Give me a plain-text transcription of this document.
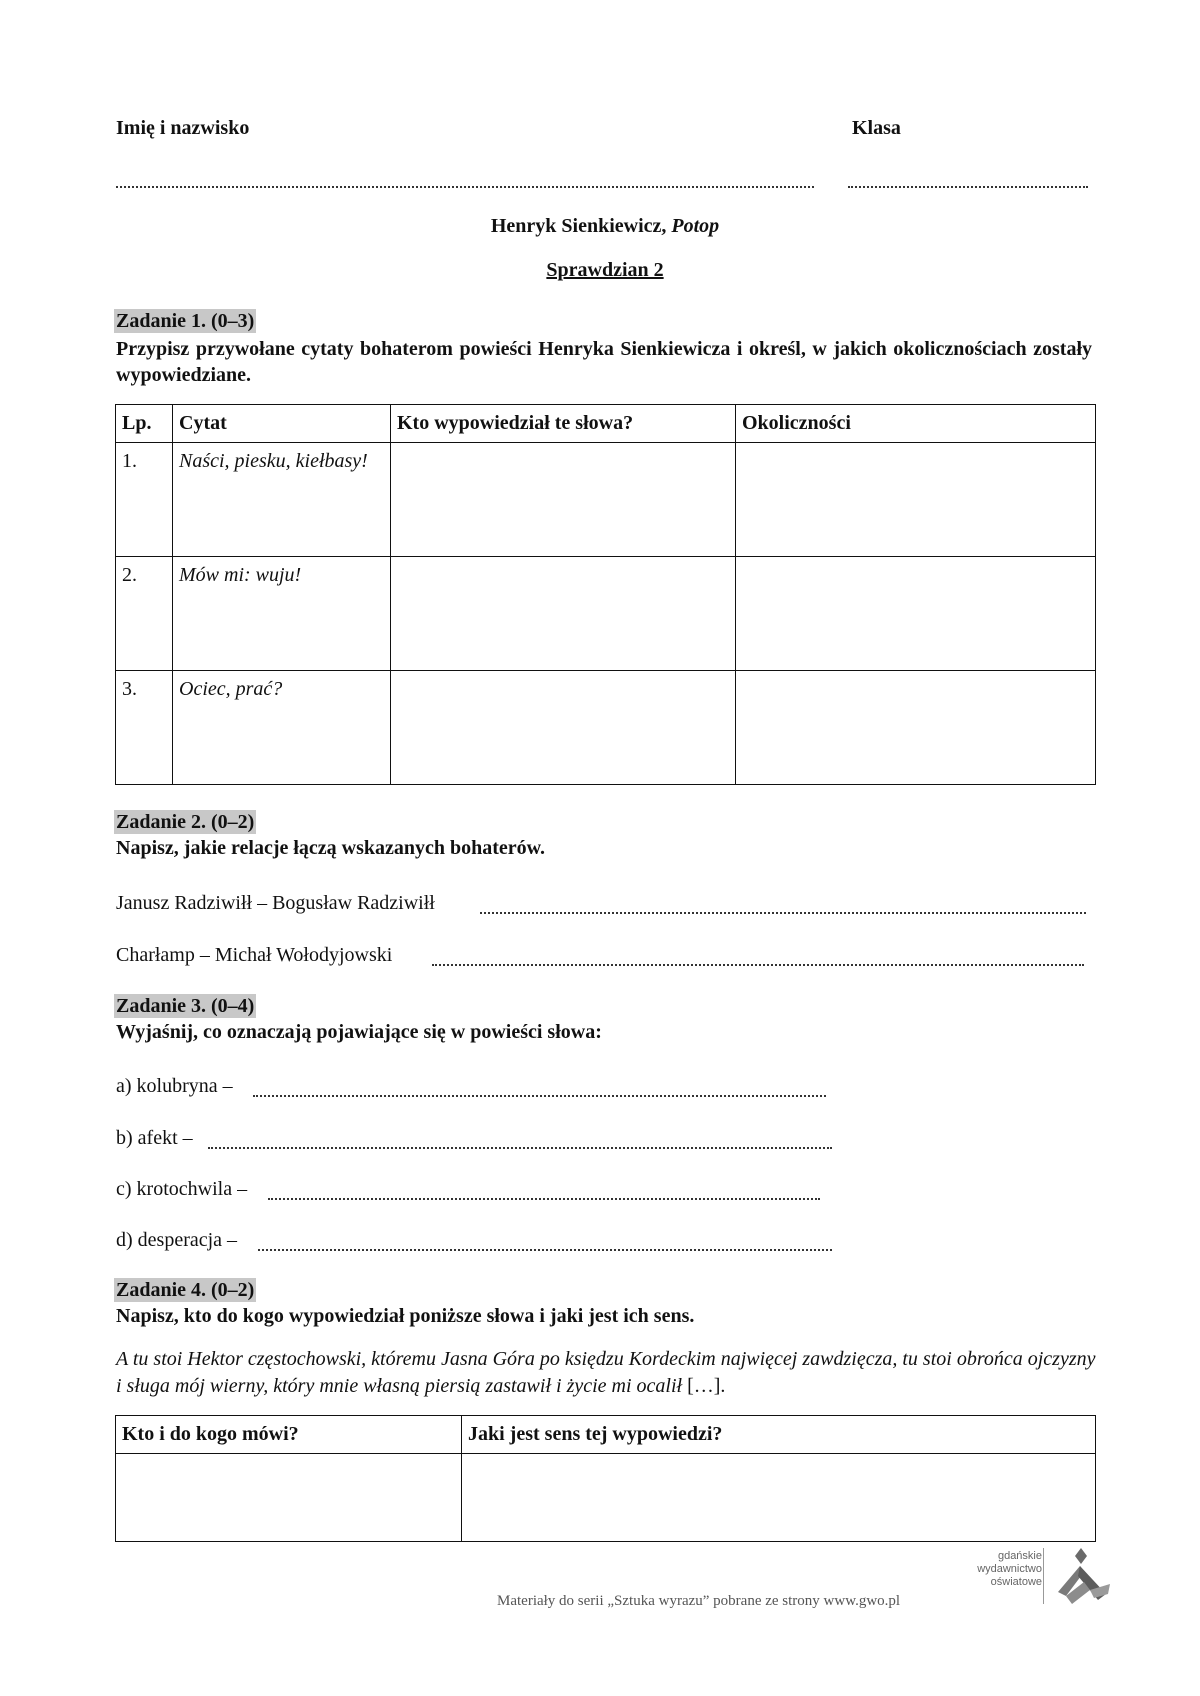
Imię i nazwisko	Klasa
Henryk Sienkiewicz, Potop
Sprawdzian 2
Zadanie 1. (0–3)
Przypisz przywołane cytaty bohaterom powieści Henryka Sienkiewicza i określ, w jakich okolicznościach zostały wypowiedziane.
Lp.	Cytat	Kto wypowiedział te słowa?	Okoliczności
1.	Naści, piesku, kiełbasy!		
2.	Mów mi: wuju!		
3.	Ociec, prać?		
Zadanie 2. (0–2)
Napisz, jakie relacje łączą wskazanych bohaterów.
Janusz Radziwiłł – Bogusław Radziwiłł
Charłamp – Michał Wołodyjowski
Zadanie 3. (0–4)
Wyjaśnij, co oznaczają pojawiające się w powieści słowa:
a) kolubryna –
b) afekt –
c) krotochwila –
d) desperacja –
Zadanie 4. (0–2)
Napisz, kto do kogo wypowiedział poniższe słowa i jaki jest ich sens.
A tu stoi Hektor częstochowski, któremu Jasna Góra po księdzu Kordeckim najwięcej zawdzięcza, tu stoi obrońca ojczyzny i sługa mój wierny, który mnie własną piersią zastawił i życie mi ocalił […].
Kto i do kogo mówi?	Jaki jest sens tej wypowiedzi?

Materiały do serii „Sztuka wyrazu” pobrane ze strony www.gwo.pl
gdańskie
wydawnictwo
oświatowe
